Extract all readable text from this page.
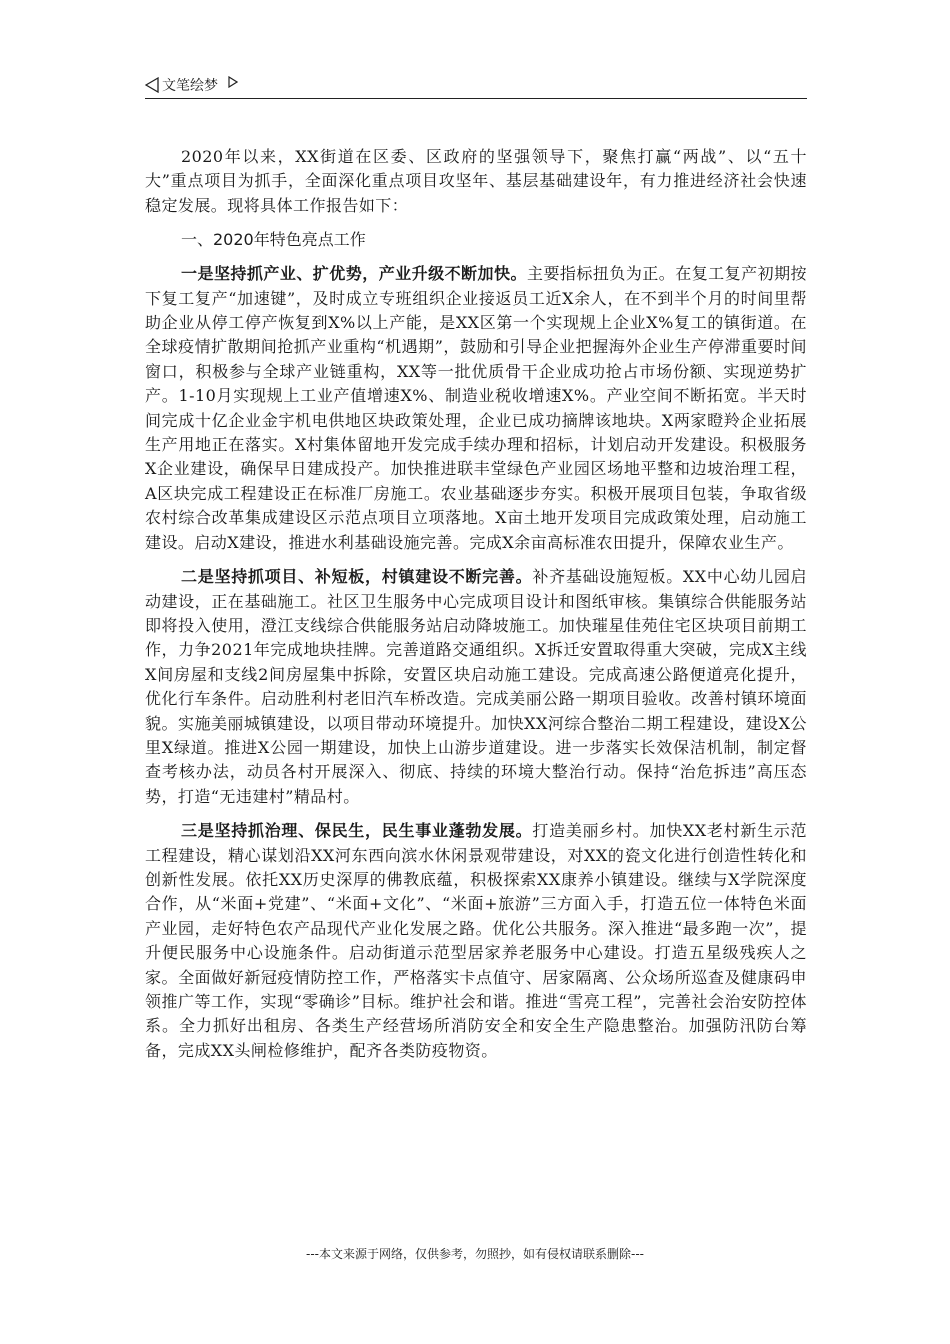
文笔绘梦

2020年以来，XX街道在区委、区政府的坚强领导下，聚焦打赢“两战”、以“五十大”重点项目为抓手，全面深化重点项目攻坚年、基层基础建设年，有力推进经济社会快速稳定发展。现将具体工作报告如下：

一、2020年特色亮点工作

一是坚持抓产业、扩优势，产业升级不断加快。主要指标扭负为正。在复工复产初期按下复工复产“加速键”，及时成立专班组织企业接返员工近X余人，在不到半个月的时间里帮助企业从停工停产恢复到X%以上产能，是XX区第一个实现规上企业X%复工的镇街道。在全球疫情扩散期间抢抓产业重构“机遇期”，鼓励和引导企业把握海外企业生产停滞重要时间窗口，积极参与全球产业链重构，XX等一批优质骨干企业成功抢占市场份额、实现逆势扩产。1-10月实现规上工业产值增速X%、制造业税收增速X%。产业空间不断拓宽。半天时间完成十亿企业金宇机电供地区块政策处理，企业已成功摘牌该地块。X两家瞪羚企业拓展生产用地正在落实。X村集体留地开发完成手续办理和招标，计划启动开发建设。积极服务X企业建设，确保早日建成投产。加快推进联丰堂绿色产业园区场地平整和边坡治理工程，A区块完成工程建设正在标准厂房施工。农业基础逐步夯实。积极开展项目包装，争取省级农村综合改革集成建设区示范点项目立项落地。X亩土地开发项目完成政策处理，启动施工建设。启动X建设，推进水利基础设施完善。完成X余亩高标准农田提升，保障农业生产。

二是坚持抓项目、补短板，村镇建设不断完善。补齐基础设施短板。XX中心幼儿园启动建设，正在基础施工。社区卫生服务中心完成项目设计和图纸审核。集镇综合供能服务站即将投入使用，澄江支线综合供能服务站启动降坡施工。加快璀星佳苑住宅区块项目前期工作，力争2021年完成地块挂牌。完善道路交通组织。X拆迁安置取得重大突破，完成X主线X间房屋和支线2间房屋集中拆除，安置区块启动施工建设。完成高速公路便道亮化提升，优化行车条件。启动胜利村老旧汽车桥改造。完成美丽公路一期项目验收。改善村镇环境面貌。实施美丽城镇建设，以项目带动环境提升。加快XX河综合整治二期工程建设，建设X公里X绿道。推进X公园一期建设，加快上山游步道建设。进一步落实长效保洁机制，制定督查考核办法，动员各村开展深入、彻底、持续的环境大整治行动。保持“治危拆违”高压态势，打造“无违建村”精品村。

三是坚持抓治理、保民生，民生事业蓬勃发展。打造美丽乡村。加快XX老村新生示范工程建设，精心谋划沿XX河东西向滨水休闲景观带建设，对XX的瓷文化进行创造性转化和创新性发展。依托XX历史深厚的佛教底蕴，积极探索XX康养小镇建设。继续与X学院深度合作，从“米面+党建”、“米面+文化”、“米面+旅游”三方面入手，打造五位一体特色米面产业园，走好特色农产品现代产业化发展之路。优化公共服务。深入推进“最多跑一次”，提升便民服务中心设施条件。启动街道示范型居家养老服务中心建设。打造五星级残疾人之家。全面做好新冠疫情防控工作，严格落实卡点值守、居家隔离、公众场所巡查及健康码申领推广等工作，实现“零确诊”目标。维护社会和谐。推进“雪亮工程”，完善社会治安防控体系。全力抓好出租房、各类生产经营场所消防安全和安全生产隐患整治。加强防汛防台筹备，完成XX头闸检修维护，配齐各类防疫物资。

---本文来源于网络，仅供参考，勿照抄，如有侵权请联系删除---
